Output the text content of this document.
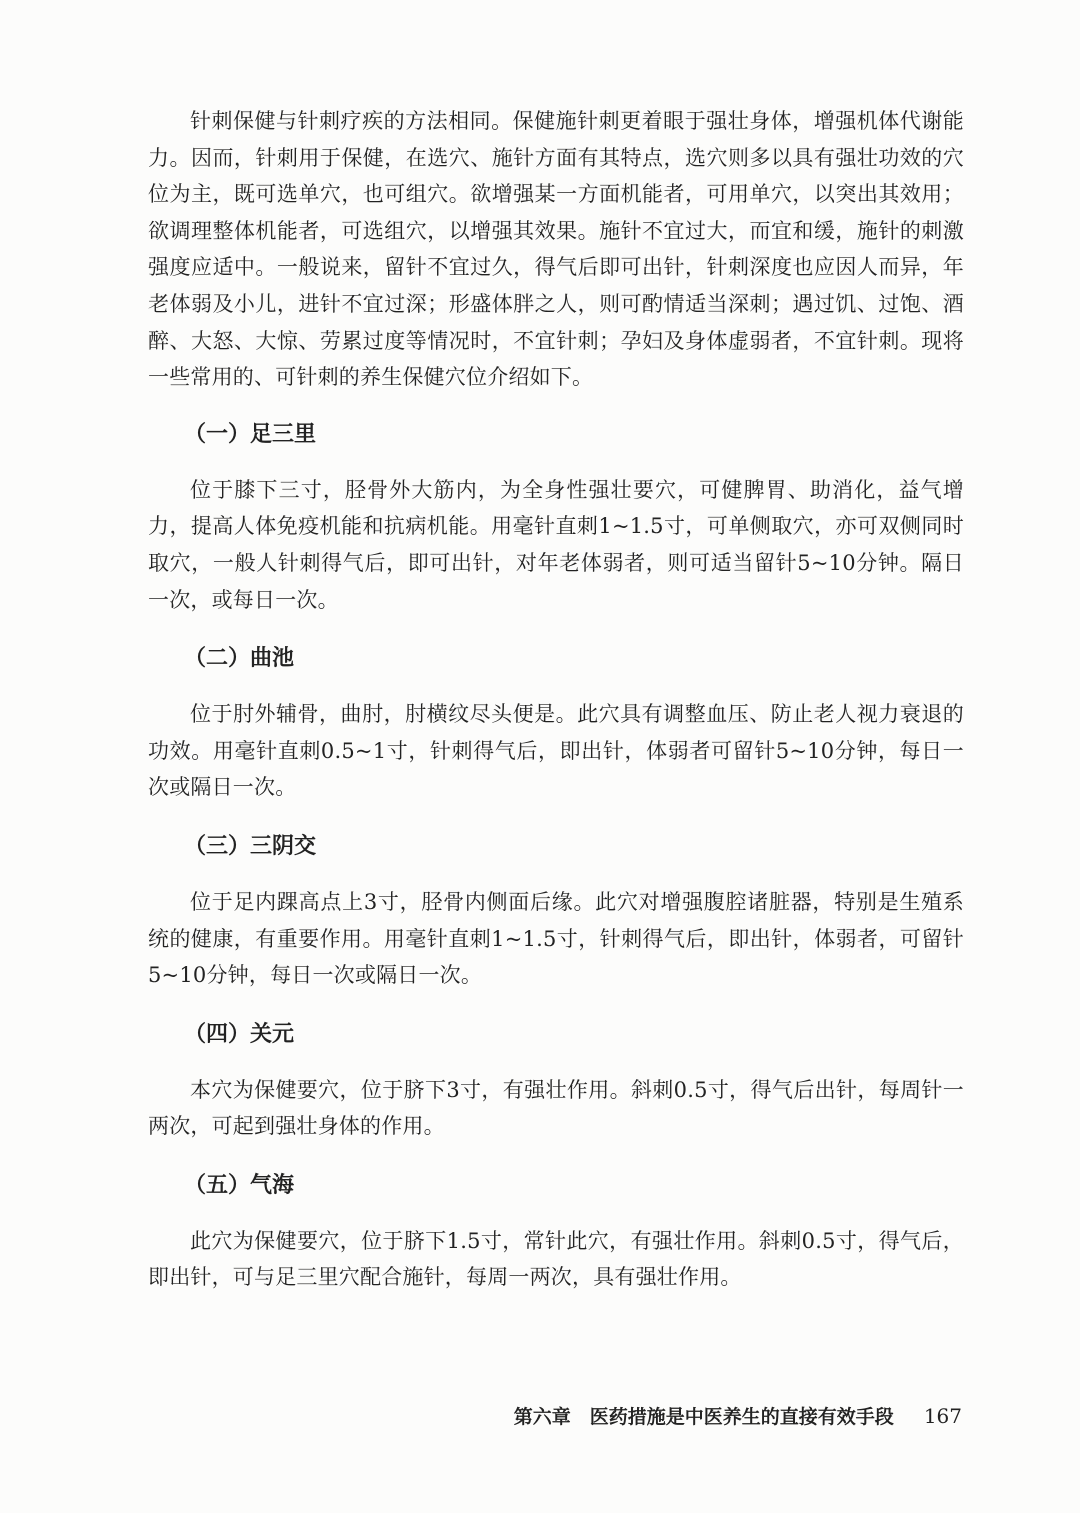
针刺保健与针刺疗疾的方法相同。保健施针刺更着眼于强壮身体，增强机体代谢能力。因而，针刺用于保健，在选穴、施针方面有其特点，选穴则多以具有强壮功效的穴位为主，既可选单穴，也可组穴。欲增强某一方面机能者，可用单穴，以突出其效用；欲调理整体机能者，可选组穴，以增强其效果。施针不宜过大，而宜和缓，施针的刺激强度应适中。一般说来，留针不宜过久，得气后即可出针，针刺深度也应因人而异，年老体弱及小儿，进针不宜过深；形盛体胖之人，则可酌情适当深刺；遇过饥、过饱、酒醉、大怒、大惊、劳累过度等情况时，不宜针刺；孕妇及身体虚弱者，不宜针刺。现将一些常用的、可针刺的养生保健穴位介绍如下。

（一）足三里

位于膝下三寸，胫骨外大筋内，为全身性强壮要穴，可健脾胃、助消化，益气增力，提高人体免疫机能和抗病机能。用毫针直刺1~1.5寸，可单侧取穴，亦可双侧同时取穴，一般人针刺得气后，即可出针，对年老体弱者，则可适当留针5~10分钟。隔日一次，或每日一次。

（二）曲池

位于肘外辅骨，曲肘，肘横纹尽头便是。此穴具有调整血压、防止老人视力衰退的功效。用毫针直刺0.5~1寸，针刺得气后，即出针，体弱者可留针5~10分钟，每日一次或隔日一次。

（三）三阴交

位于足内踝高点上3寸，胫骨内侧面后缘。此穴对增强腹腔诸脏器，特别是生殖系统的健康，有重要作用。用毫针直刺1~1.5寸，针刺得气后，即出针，体弱者，可留针5~10分钟，每日一次或隔日一次。

（四）关元

本穴为保健要穴，位于脐下3寸，有强壮作用。斜刺0.5寸，得气后出针，每周针一两次，可起到强壮身体的作用。

（五）气海

此穴为保健要穴，位于脐下1.5寸，常针此穴，有强壮作用。斜刺0.5寸，得气后，即出针，可与足三里穴配合施针，每周一两次，具有强壮作用。

第六章　医药措施是中医养生的直接有效手段 167
